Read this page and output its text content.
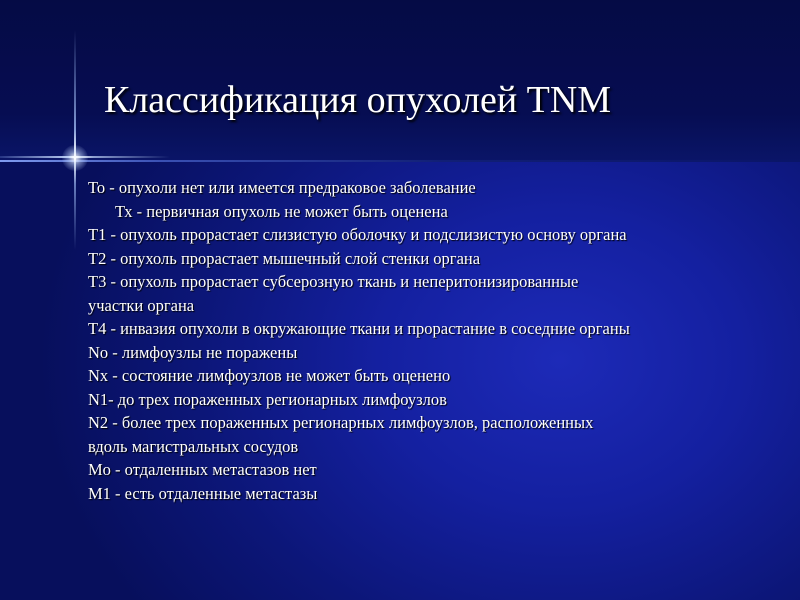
Классификация опухолей TNM
То - опухоли нет или имеется предраковое заболевание
Тх - первичная опухоль не может быть оценена
Т1 - опухоль прорастает слизистую оболочку и подслизистую основу органа
Т2 - опухоль прорастает мышечный слой стенки органа
Т3 - опухоль прорастает субсерозную ткань и неперитонизированные
участки органа
Т4 - инвазия опухоли в окружающие ткани и прорастание в соседние органы
Nо - лимфоузлы не поражены
Nх - состояние лимфоузлов не может быть оценено
N1- до трех пораженных регионарных лимфоузлов
N2 - более трех пораженных регионарных лимфоузлов, расположенных
вдоль магистральных сосудов
Mо - отдаленных метастазов нет
M1 - есть отдаленные метастазы
